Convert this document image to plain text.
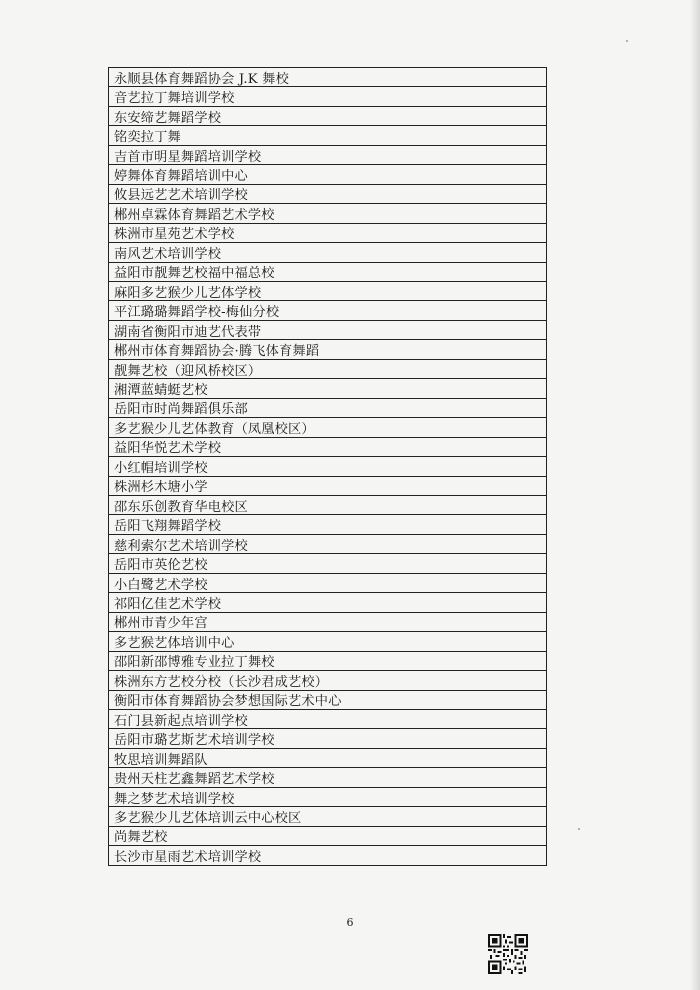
永顺县体育舞蹈协会 J.K 舞校
音艺拉丁舞培训学校
东安缔艺舞蹈学校
铭奕拉丁舞
吉首市明星舞蹈培训学校
婷舞体育舞蹈培训中心
攸县远艺艺术培训学校
郴州卓霖体育舞蹈艺术学校
株洲市星苑艺术学校
南风艺术培训学校
益阳市靓舞艺校福中福总校
麻阳多艺猴少儿艺体学校
平江璐璐舞蹈学校-梅仙分校
湖南省衡阳市迪艺代表带
郴州市体育舞蹈协会·腾飞体育舞蹈
靓舞艺校（迎风桥校区）
湘潭蓝蜻蜓艺校
岳阳市时尚舞蹈俱乐部
多艺猴少儿艺体教育（凤凰校区）
益阳华悦艺术学校
小红帽培训学校
株洲杉木塘小学
邵东乐创教育华电校区
岳阳飞翔舞蹈学校
慈利索尔艺术培训学校
岳阳市英伦艺校
小白鹭艺术学校
祁阳亿佳艺术学校
郴州市青少年宫
多艺猴艺体培训中心
邵阳新邵博雅专业拉丁舞校
株洲东方艺校分校（长沙君成艺校）
衡阳市体育舞蹈协会梦想国际艺术中心
石门县新起点培训学校
岳阳市璐艺斯艺术培训学校
牧思培训舞蹈队
贵州天柱艺鑫舞蹈艺术学校
舞之梦艺术培训学校
多艺猴少儿艺体培训云中心校区
尚舞艺校
长沙市星雨艺术培训学校
6
